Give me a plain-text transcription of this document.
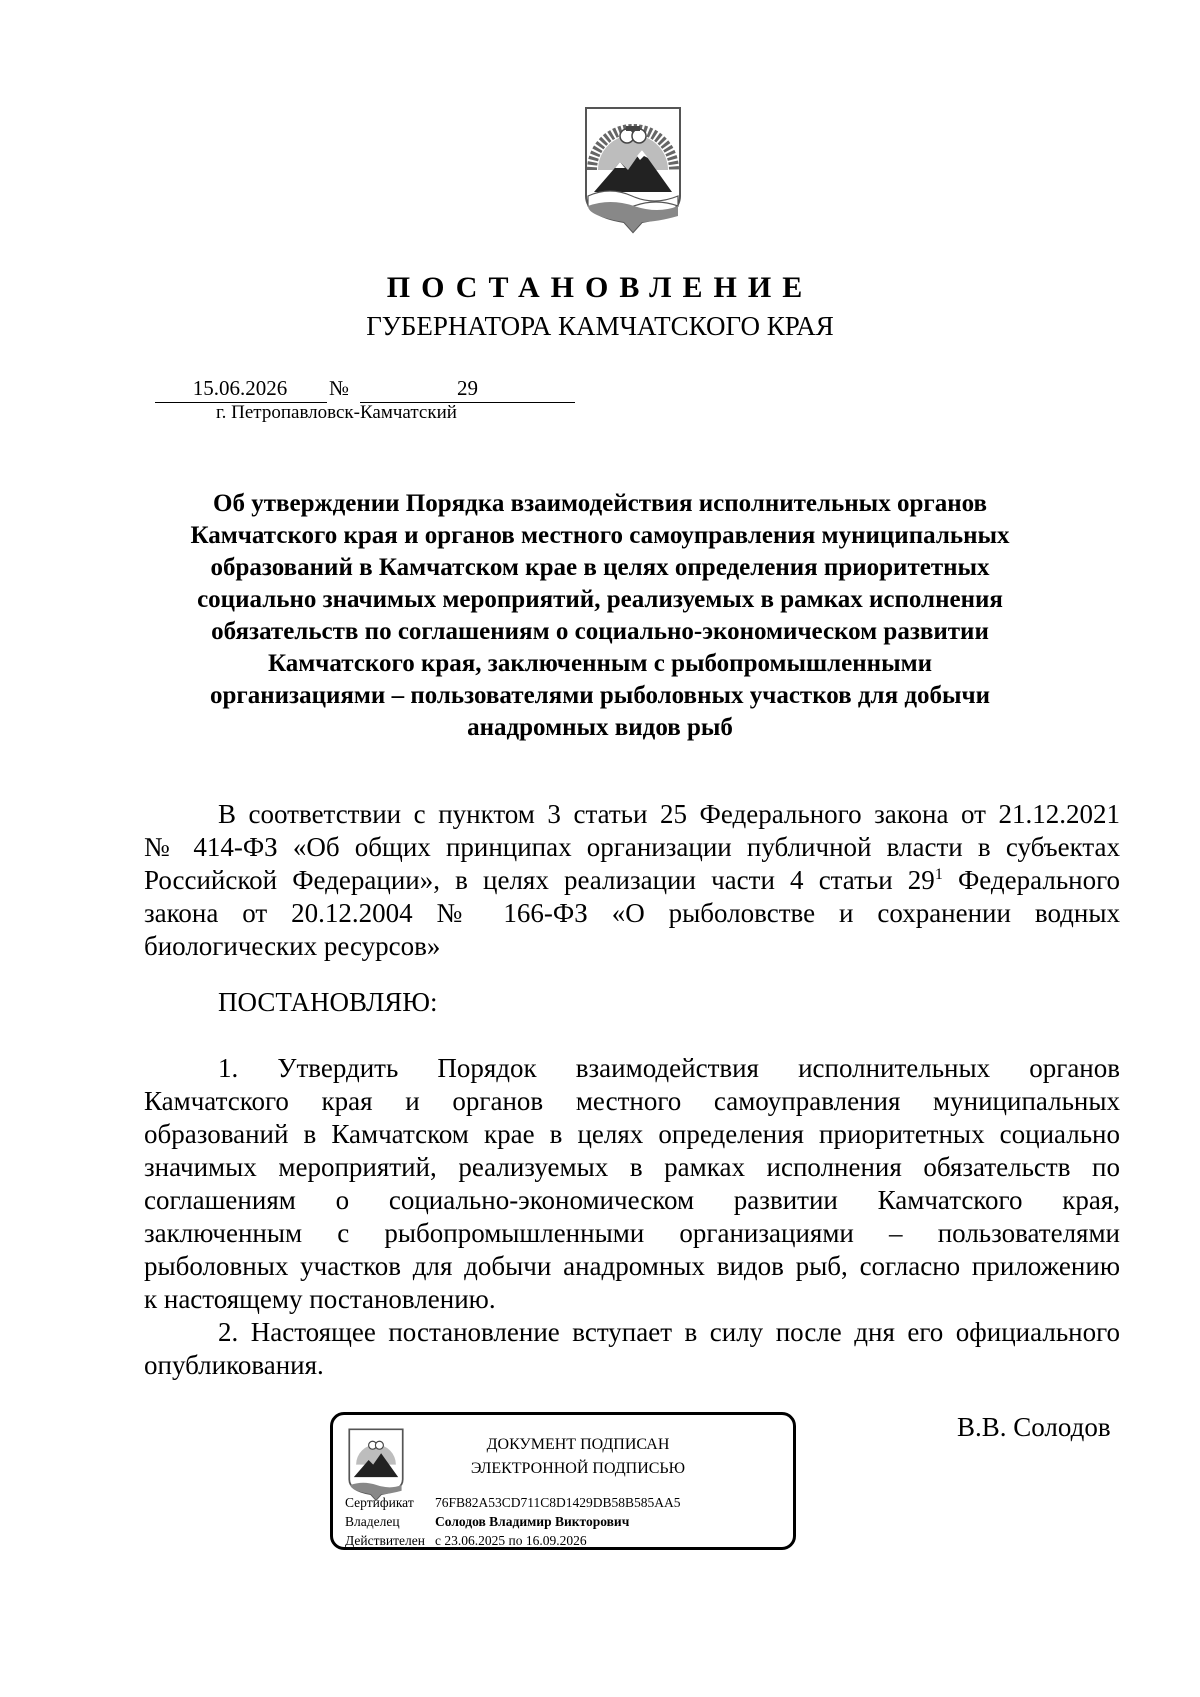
ПОСТАНОВЛЕНИЕ
ГУБЕРНАТОРА КАМЧАТСКОГО КРАЯ
15.06.2026	№	29
г. Петропавловск-Камчатский
Об утверждении Порядка взаимодействия исполнительных органов
Камчатского края и органов местного самоуправления муниципальных
образований в Камчатском крае в целях определения приоритетных
социально значимых мероприятий, реализуемых в рамках исполнения
обязательств по соглашениям о социально-экономическом развитии
Камчатского края, заключенным с рыбопромышленными
организациями – пользователями рыболовных участков для добычи
анадромных видов рыб
В соответствии с пунктом 3 статьи 25 Федерального закона от 21.12.2021
№ 414-ФЗ «Об общих принципах организации публичной власти в субъектах
Российской Федерации», в целях реализации части 4 статьи $29^1$ Федерального
закона от 20.12.2004 № 166-ФЗ «О рыболовстве и сохранении водных
биологических ресурсов»
ПОСТАНОВЛЯЮ:
1. Утвердить Порядок взаимодействия исполнительных органов
Камчатского края и органов местного самоуправления муниципальных
образований в Камчатском крае в целях определения приоритетных социально
значимых мероприятий, реализуемых в рамках исполнения обязательств по
соглашениям о социально-экономическом развитии Камчатского края,
заключенным с рыбопромышленными организациями – пользователями
рыболовных участков для добычи анадромных видов рыб, согласно приложению
к настоящему постановлению.
2. Настоящее постановление вступает в силу после дня его официального
опубликования.
ДОКУМЕНТ ПОДПИСАН
ЭЛЕКТРОННОЙ ПОДПИСЬЮ
Сертификат 76FB82A53CD711C8D1429DB58B585AA5
Владелец	Солодов Владимир Викторович
Действителен с 23.06.2025 по 16.09.2026
В.В. Солодов
